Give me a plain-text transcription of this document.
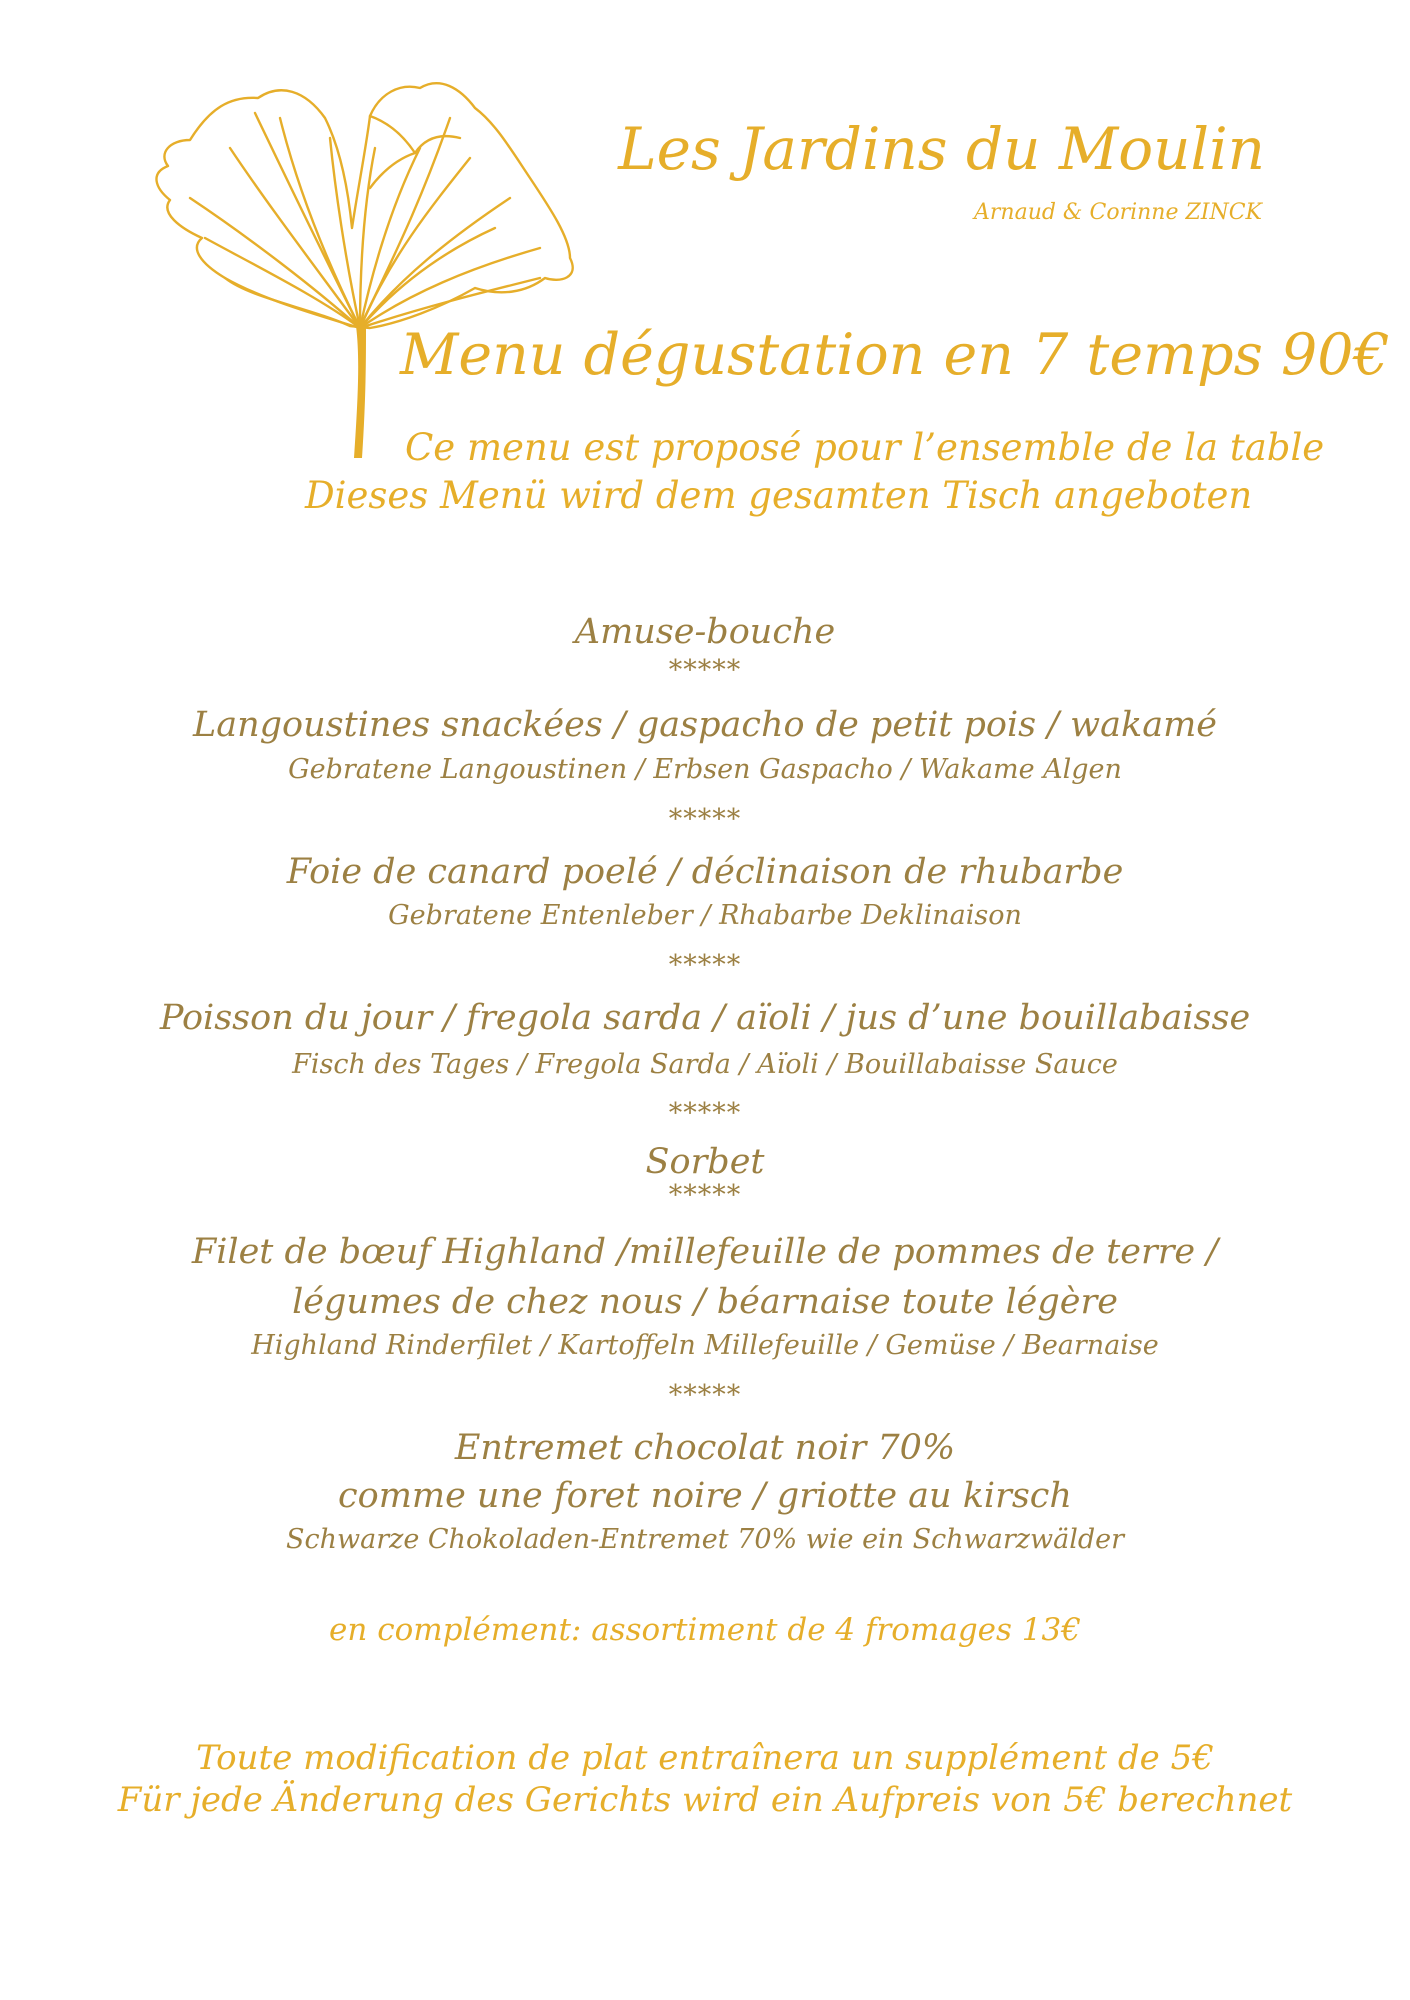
Les Jardins du Moulin
Arnaud & Corinne ZINCK
Menu dégustation en 7 temps 90€
Ce menu est proposé pour l’ensemble de la table
Dieses Menü wird dem gesamten Tisch angeboten
Amuse-bouche
*****
Langoustines snackées / gaspacho de petit pois / wakamé
Gebratene Langoustinen / Erbsen Gaspacho / Wakame Algen
*****
Foie de canard poelé / déclinaison de rhubarbe
Gebratene Entenleber / Rhabarbe Deklinaison
*****
Poisson du jour / fregola sarda / aïoli / jus d’une bouillabaisse
Fisch des Tages / Fregola Sarda / Aïoli / Bouillabaisse Sauce
*****
Sorbet
*****
Filet de bœuf Highland /millefeuille de pommes de terre /
légumes de chez nous / béarnaise toute légère
Highland Rinderfilet / Kartoffeln Millefeuille / Gemüse / Bearnaise
*****
Entremet chocolat noir 70%
comme une foret noire / griotte au kirsch
Schwarze Chokoladen-Entremet 70% wie ein Schwarzwälder
en complément: assortiment de 4 fromages 13€
Toute modification de plat entraînera un supplément de 5€
Für jede Änderung des Gerichts wird ein Aufpreis von 5€ berechnet
